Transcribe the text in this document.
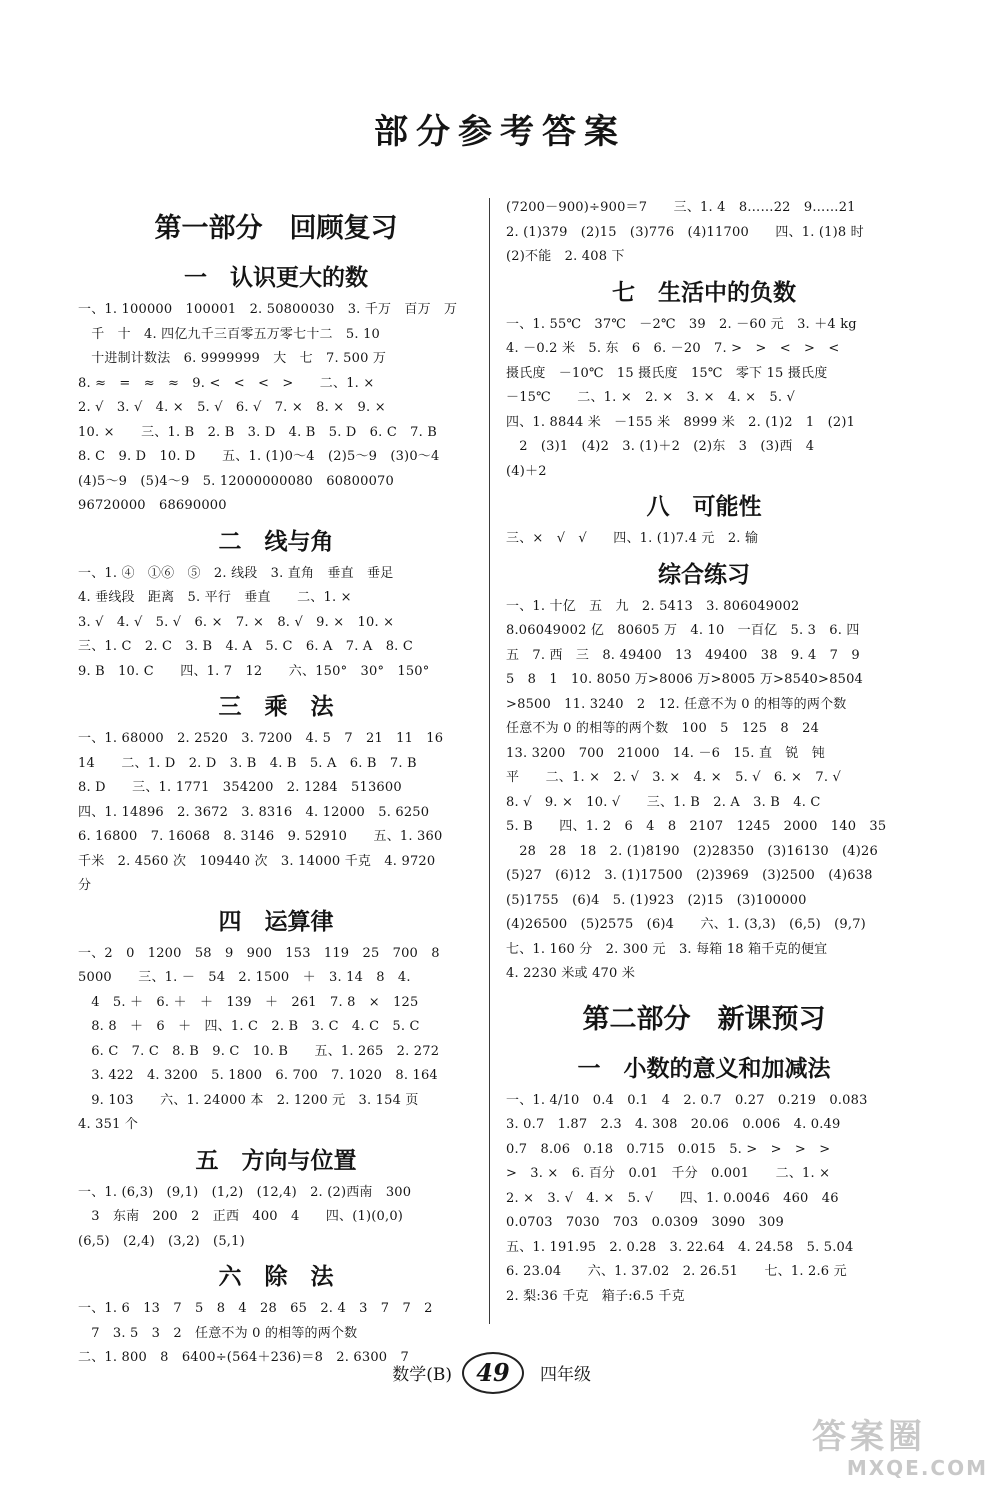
部分参考答案
第一部分　回顾复习
一　认识更大的数
一、1. 100000　100001　2. 50800030　3. 千万　百万　万
　千　十　4. 四亿九千三百零五万零七十二　5. 10
　十进制计数法　6. 9999999　大　七　7. 500 万
8. ≈　=　≈　≈　9. <　<　<　>　　二、1. ×
2. √　3. √　4. ×　5. √　6. √　7. ×　8. ×　9. ×
10. ×　　三、1. B　2. B　3. D　4. B　5. D　6. C　7. B
8. C　9. D　10. D　　五、1. (1)0～4　(2)5～9　(3)0～4
(4)5～9　(5)4～9　5. 12000000080　60800070
96720000　68690000
二　线与角
一、1. ④　①⑥　⑤　2. 线段　3. 直角　垂直　垂足
4. 垂线段　距离　5. 平行　垂直　　二、1. ×
3. √　4. √　5. √　6. ×　7. ×　8. √　9. ×　10. ×
三、1. C　2. C　3. B　4. A　5. C　6. A　7. A　8. C
9. B　10. C　　四、1. 7　12　　六、150°　30°　150°
三　乘　法
一、1. 68000　2. 2520　3. 7200　4. 5　7　21　11　16
14　　二、1. D　2. D　3. B　4. B　5. A　6. B　7. B
8. D　　三、1. 1771　354200　2. 1284　513600
四、1. 14896　2. 3672　3. 8316　4. 12000　5. 6250
6. 16800　7. 16068　8. 3146　9. 52910　　五、1. 360
千米　2. 4560 次　109440 次　3. 14000 千克　4. 9720
分
四　运算律
一、2　0　1200　58　9　900　153　119　25　700　8
5000　　三、1. －　54　2. 1500　＋　3. 14　8　4.
　4　5. ＋　6. ＋　＋　139　＋　261　7. 8　×　125
　8. 8　＋　6　＋　四、1. C　2. B　3. C　4. C　5. C
　6. C　7. C　8. B　9. C　10. B　　五、1. 265　2. 272
　3. 422　4. 3200　5. 1800　6. 700　7. 1020　8. 164
　9. 103　　六、1. 24000 本　2. 1200 元　3. 154 页
4. 351 个
五　方向与位置
一、1. (6,3)　(9,1)　(1,2)　(12,4)　2. (2)西南　300
　3　东南　200　2　正西　400　4　　四、(1)(0,0)
(6,5)　(2,4)　(3,2)　(5,1)
六　除　法
一、1. 6　13　7　5　8　4　28　65　2. 4　3　7　7　2
　7　3. 5　3　2　任意不为 0 的相等的两个数
二、1. 800　8　6400÷(564＋236)＝8　2. 6300　7
(7200－900)÷900＝7　　三、1. 4　8……22　9……21
2. (1)379　(2)15　(3)776　(4)11700　　四、1. (1)8 时
(2)不能　2. 408 下
七　生活中的负数
一、1. 55℃　37℃　－2℃　39　2. －60 元　3. ＋4 kg
4. －0.2 米　5. 东　6　6. －20　7. >　>　<　>　<
摄氏度　－10℃　15 摄氏度　15℃　零下 15 摄氏度
－15℃　　二、1. ×　2. ×　3. ×　4. ×　5. √
四、1. 8844 米　－155 米　8999 米　2. (1)2　1　(2)1
　2　(3)1　(4)2　3. (1)＋2　(2)东　3　(3)西　4
(4)＋2
八　可能性
三、×　√　√　　四、1. (1)7.4 元　2. 输
综合练习
一、1. 十亿　五　九　2. 5413　3. 806049002
8.06049002 亿　80605 万　4. 10　一百亿　5. 3　6. 四
五　7. 西　三　8. 49400　13　49400　38　9. 4　7　9
5　8　1　10. 8050 万>8006 万>8005 万>8540>8504
>8500　11. 3240　2　12. 任意不为 0 的相等的两个数
任意不为 0 的相等的两个数　100　5　125　8　24
13. 3200　700　21000　14. －6　15. 直　锐　钝
平　　二、1. ×　2. √　3. ×　4. ×　5. √　6. ×　7. √
8. √　9. ×　10. √　　三、1. B　2. A　3. B　4. C
5. B　　四、1. 2　6　4　8　2107　1245　2000　140　35
　28　28　18　2. (1)8190　(2)28350　(3)16130　(4)26
(5)27　(6)12　3. (1)17500　(2)3969　(3)2500　(4)638
(5)1755　(6)4　5. (1)923　(2)15　(3)100000
(4)26500　(5)2575　(6)4　　六、1. (3,3)　(6,5)　(9,7)
七、1. 160 分　2. 300 元　3. 每箱 18 箱千克的便宜
4. 2230 米或 470 米
第二部分　新课预习
一　小数的意义和加减法
一、1. 4/10　0.4　0.1　4　2. 0.7　0.27　0.219　0.083
3. 0.7　1.87　2.3　4. 308　20.06　0.006　4. 0.49
0.7　8.06　0.18　0.715　0.015　5. >　>　>　>
>　3. ×　6. 百分　0.01　千分　0.001　　二、1. ×
2. ×　3. √　4. ×　5. √　　四、1. 0.0046　460　46
0.0703　7030　703　0.0309　3090　309
五、1. 191.95　2. 0.28　3. 22.64　4. 24.58　5. 5.04
6. 23.04　　六、1. 37.02　2. 26.51　　七、1. 2.6 元
2. 梨:36 千克　箱子:6.5 千克
数学(B)	49	四年级
答案圈
MXQE.COM
